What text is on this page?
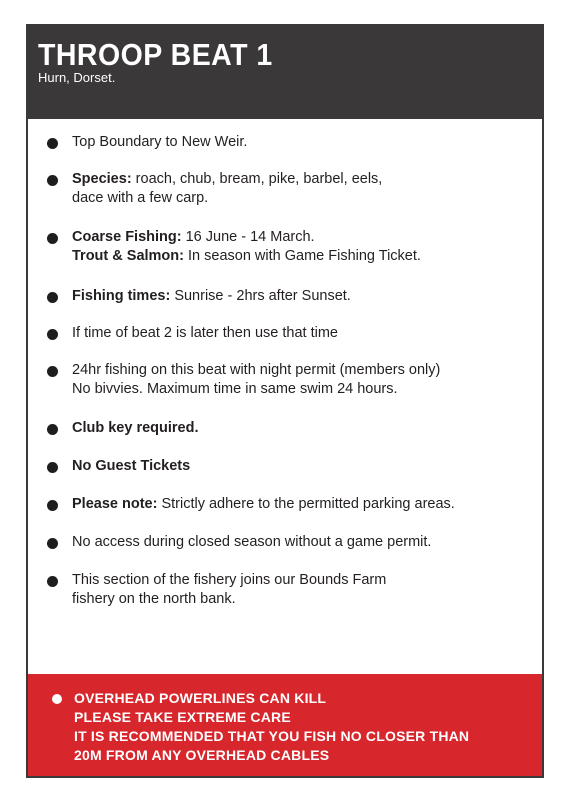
THROOP BEAT 1
Hurn, Dorset.
Top Boundary to New Weir.
Species: roach, chub, bream, pike, barbel, eels,
dace with a few carp.
Coarse Fishing: 16 June - 14 March.
Trout & Salmon: In season with Game Fishing Ticket.
Fishing times: Sunrise - 2hrs after Sunset.
If time of beat 2 is later then use that time
24hr fishing on this beat with night permit (members only)
No bivvies. Maximum time in same swim 24 hours.
Club key required.
No Guest Tickets
Please note: Strictly adhere to the permitted parking areas.
No access during closed season without a game permit.
This section of the fishery joins our Bounds Farm
fishery on the north bank.
OVERHEAD POWERLINES CAN KILL
PLEASE TAKE EXTREME CARE
IT IS RECOMMENDED THAT YOU FISH NO CLOSER THAN
20M FROM ANY OVERHEAD CABLES
